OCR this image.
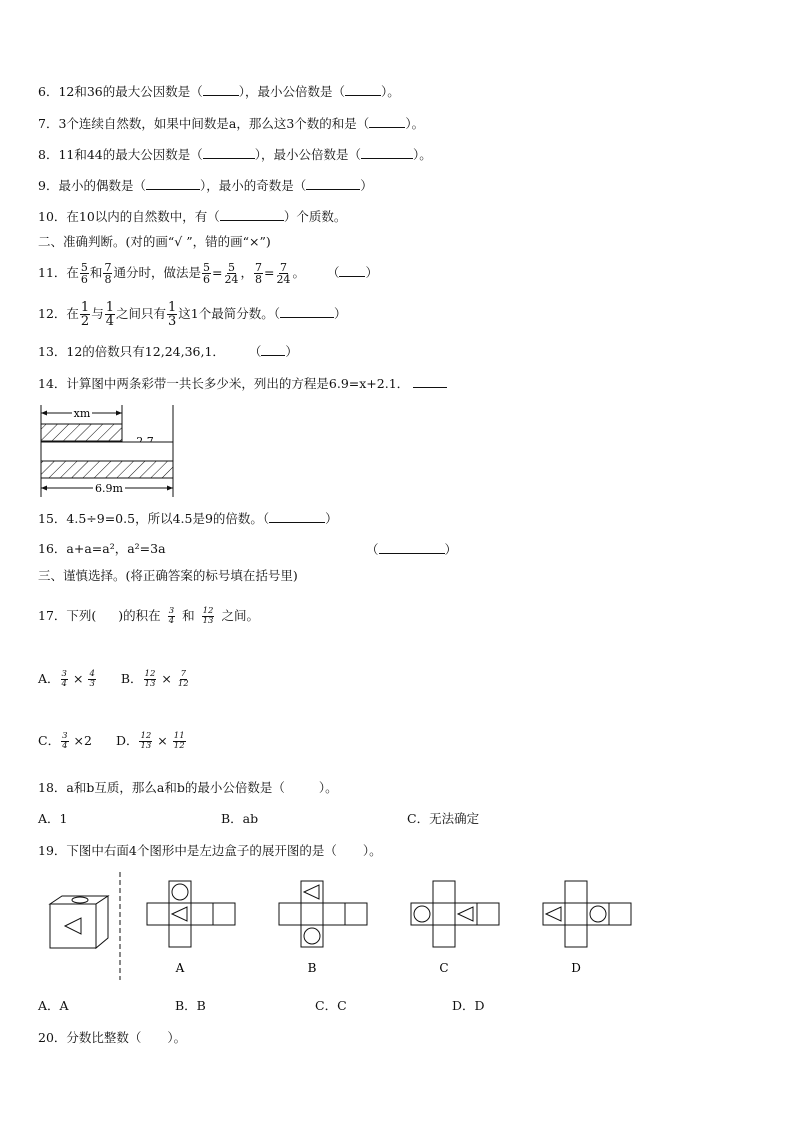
6．12和36的最大公因数是（	），最小公倍数是（	）。
7．3个连续自然数，如果中间数是a，那么这3个数的和是（	）。
8．11和44的最大公因数是（	），最小公倍数是（	）。
9．最小的偶数是（	），最小的奇数是（	）
10．在10以内的自然数中，有（	）个质数。
二、准确判断。(对的画“√ ”，错的画“×”)
11．在 $\frac{5}{6}$ 和 $\frac{7}{8}$ 通分时，做法是 $\frac{5}{6} = \frac{5}{24}$ ， $\frac{7}{8} = \frac{7}{24}$ 。 （ ）
12．在 $\frac{1}{2}$ 与 $\frac{1}{4}$ 之间只有 $\frac{1}{3}$ 这1个最简分数。（	）
13．12的倍数只有12,24,36,1． （ ）
14．计算图中两条彩带一共长多少米，列出的方程是6.9=x+2.1．
xm
6.9m
15．4.5÷9=0.5，所以4.5是9的倍数。（	）
16．a+a=a²，a²=3a	（	）
三、谨慎选择。(将正确答案的标号填在括号里)
17．下列( )的积在 $\frac{3}{4}$ 和 $\frac{12}{13}$ 之间。
A． $\frac{3}{4} \times \frac{4}{3}$ B． $\frac{12}{13} \times \frac{7}{12}$
C． $\frac{3}{4} \times 2$ D． $\frac{12}{13} \times \frac{11}{12}$
18．a和b互质，那么a和b的最小公倍数是（	）。
A．1	B．ab	C．无法确定
19．下图中右面4个图形中是左边盒子的展开图的是（ ）。
A	B	C	D
A．A	B．B	C．C	D．D
20．分数比整数（ ）。
